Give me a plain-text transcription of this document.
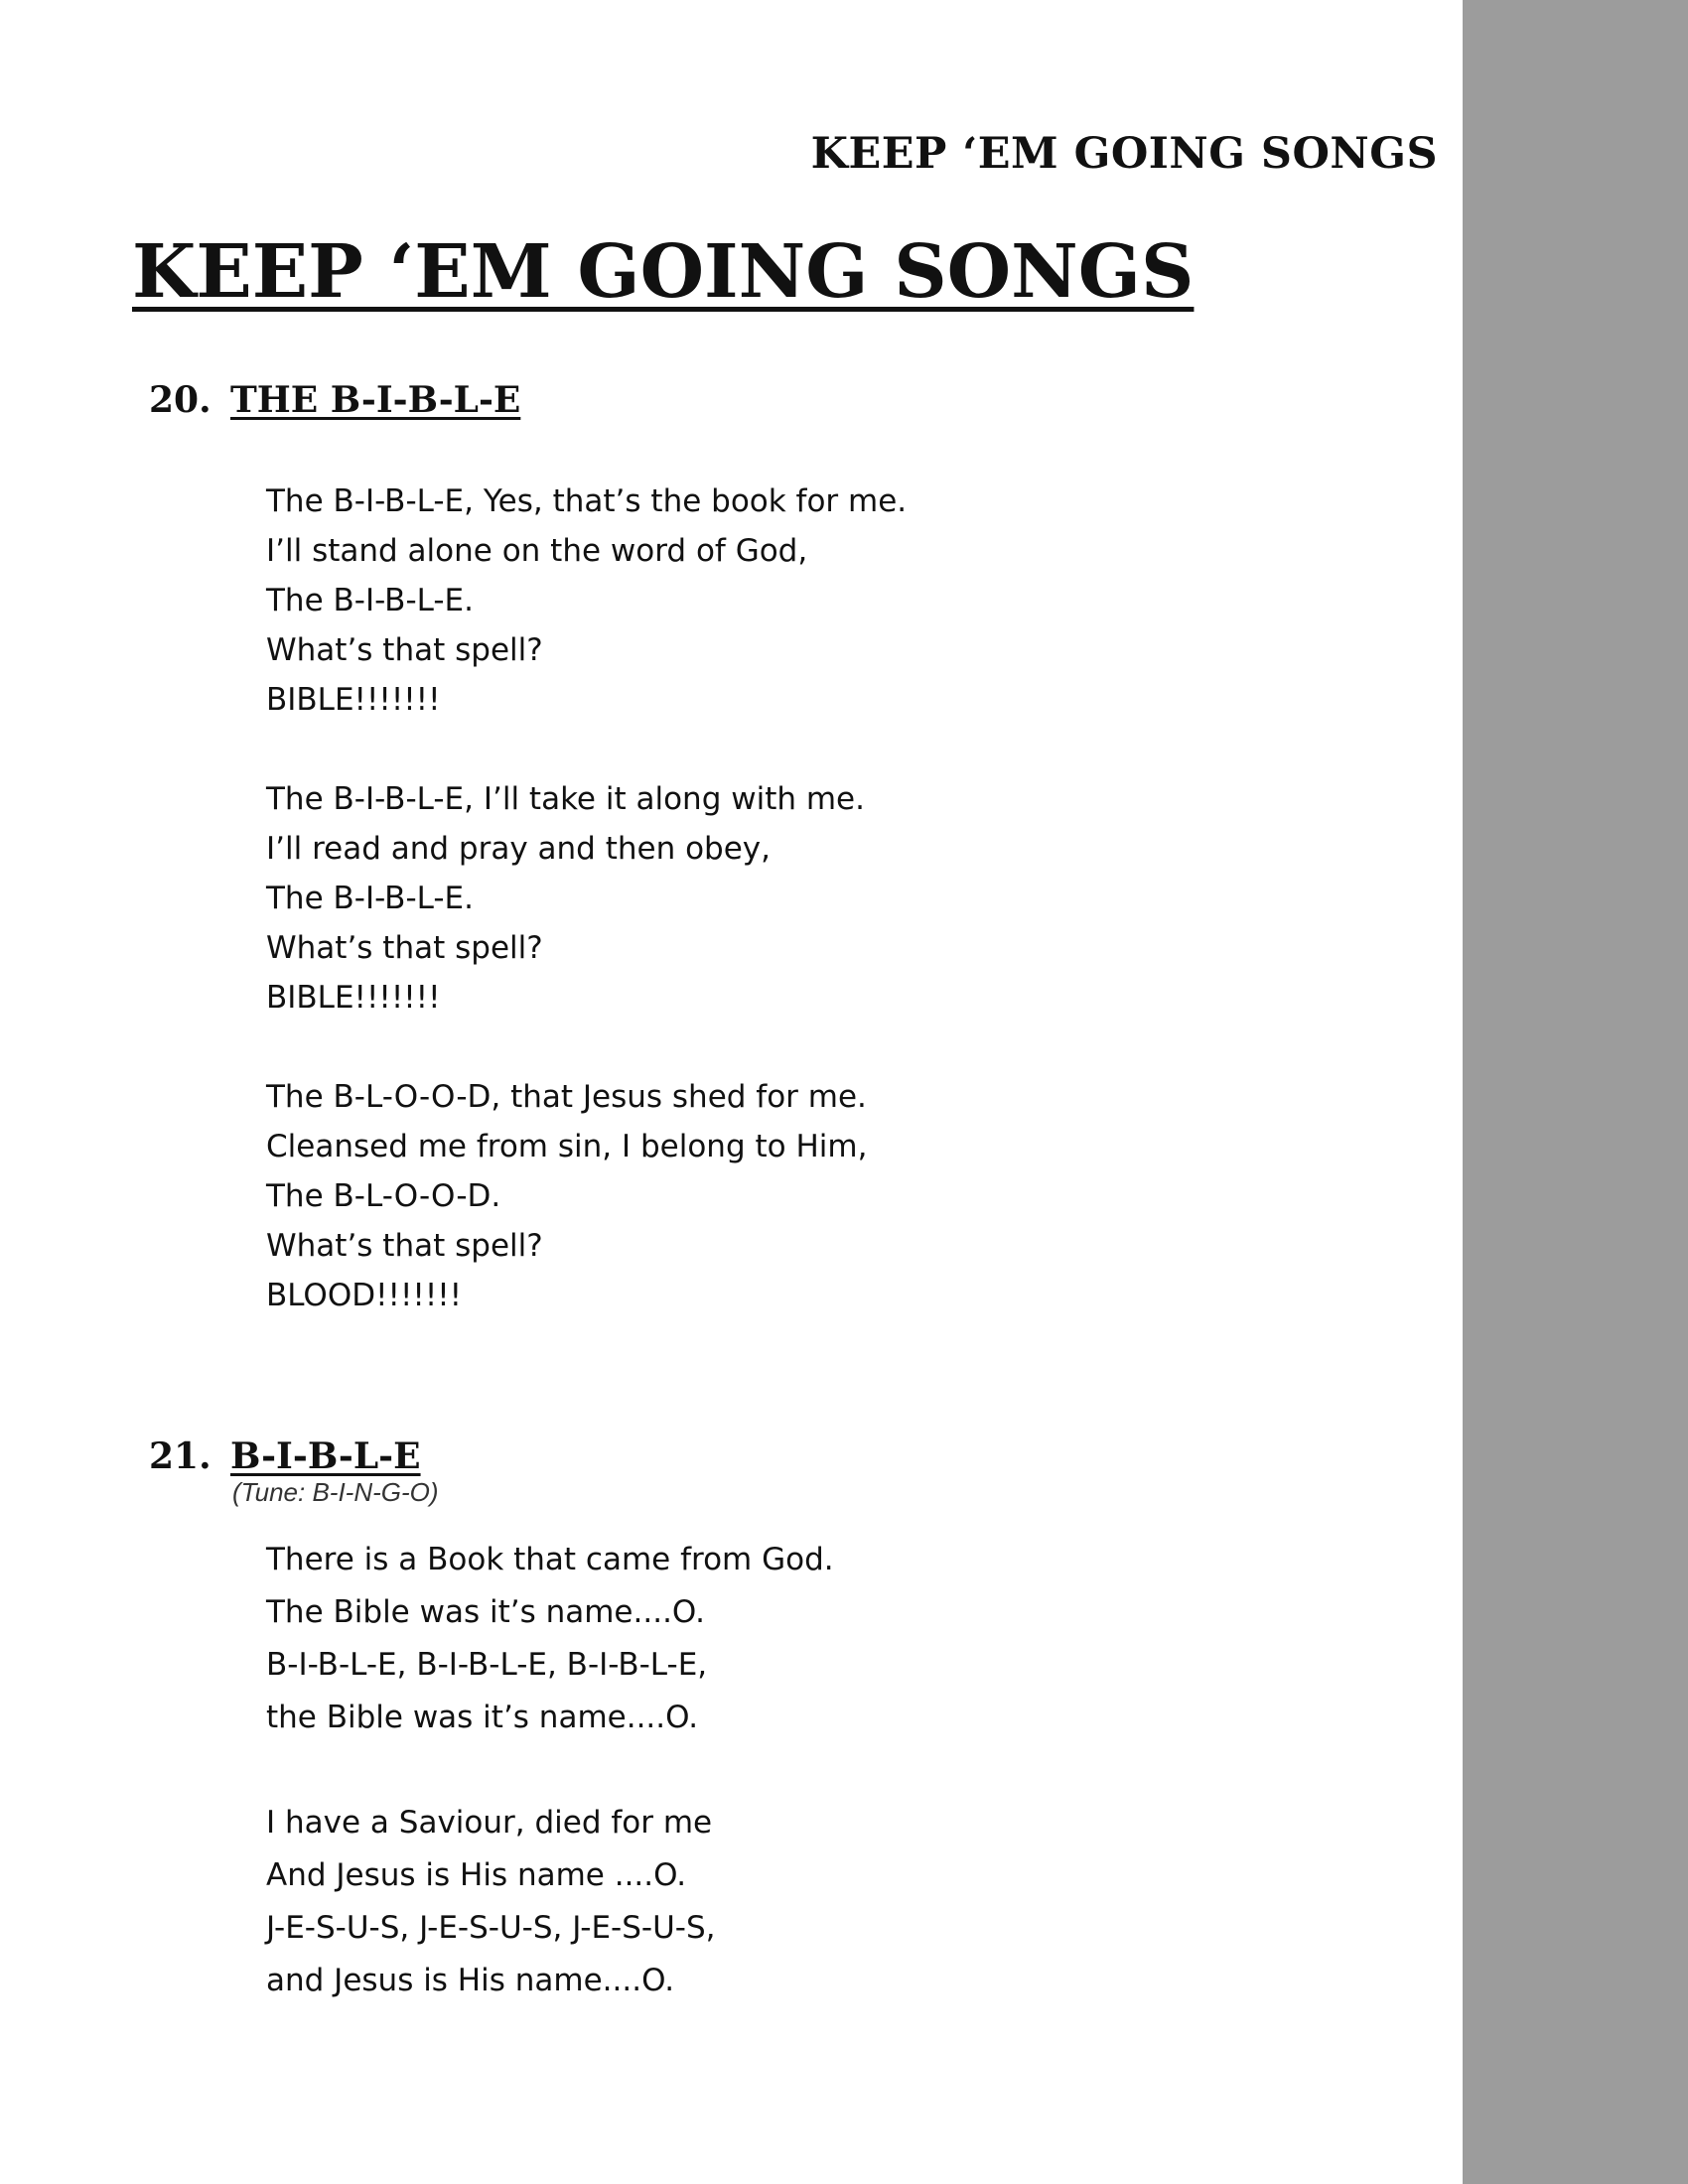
KEEP ‘EM GOING SONGS
KEEP ‘EM GOING SONGS
20. THE B-I-B-L-E
The B-I-B-L-E, Yes, that’s the book for me.
I’ll stand alone on the word of God,
The B-I-B-L-E.
What’s that spell?
BIBLE!!!!!!!
The B-I-B-L-E, I’ll take it along with me.
I’ll read and pray and then obey,
The B-I-B-L-E.
What’s that spell?
BIBLE!!!!!!!
The B-L-O-O-D, that Jesus shed for me.
Cleansed me from sin, I belong to Him,
The B-L-O-O-D.
What’s that spell?
BLOOD!!!!!!!
21. B-I-B-L-E
(Tune: B-I-N-G-O)
There is a Book that came from God.
The Bible was it’s name....O.
B-I-B-L-E, B-I-B-L-E, B-I-B-L-E,
the Bible was it’s name....O.
I have a Saviour, died for me
And Jesus is His name ....O.
J-E-S-U-S, J-E-S-U-S, J-E-S-U-S,
and Jesus is His name....O.
